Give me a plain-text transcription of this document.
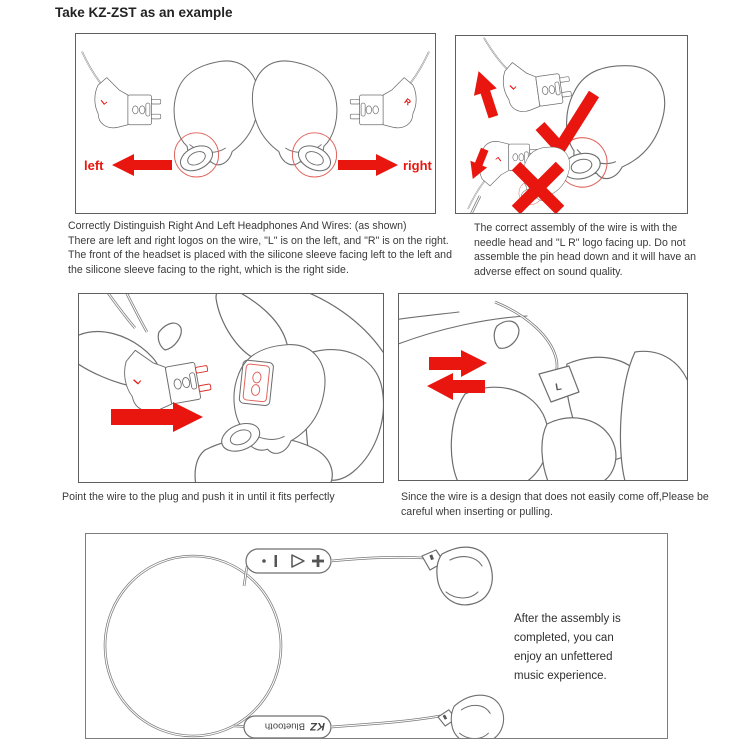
Take KZ-ZST as an example
L	R
left	right
L
L
Correctly Distinguish Right And Left Headphones And Wires: (as shown)
There are left and right logos on the wire, "L" is on the left, and "R" is on the right. The front of the headset is placed with the silicone sleeve facing left to the left and the silicone sleeve facing to the right, which is the right side.
The correct assembly of the wire is with the needle head and "L R" logo facing up. Do not assemble the pin head down and it will have an adverse effect on sound quality.
L
L
Point the wire to the plug and push it in until it fits perfectly	Since the wire is a design that does not easily come off,Please be careful when inserting or pulling.
KZ
Bluetooth
After the assembly is completed, you can enjoy an unfettered music experience.
